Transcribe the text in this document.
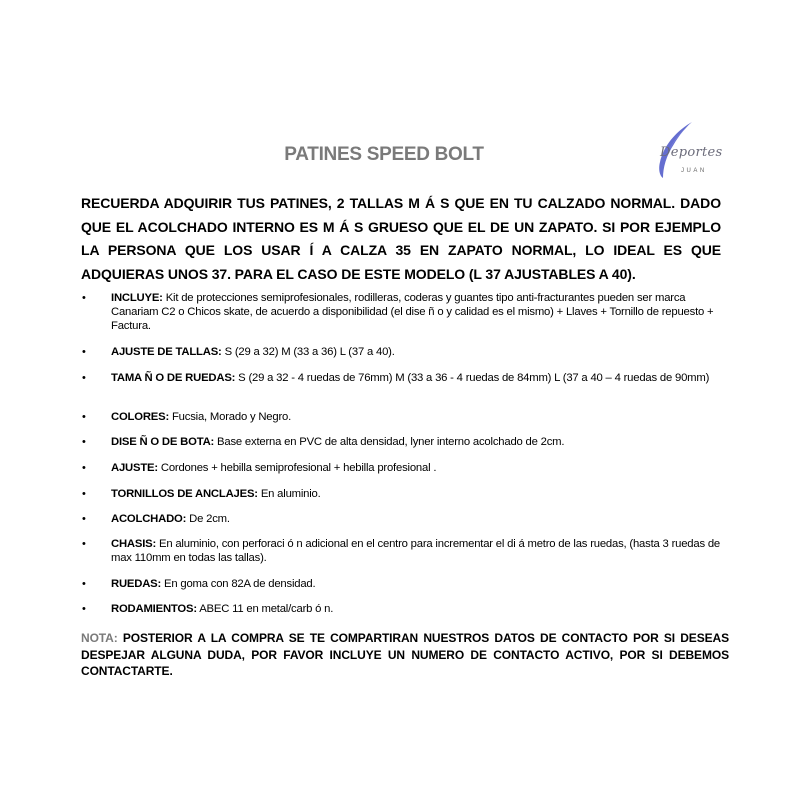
PATINES SPEED BOLT	Deportes
JUAN
RECUERDA ADQUIRIR TUS PATINES, 2 TALLAS M Á S QUE EN TU CALZADO NORMAL. DADO QUE EL ACOLCHADO INTERNO ES M Á S GRUESO QUE EL DE UN ZAPATO. SI POR EJEMPLO LA PERSONA QUE LOS USAR Í A CALZA 35 EN ZAPATO NORMAL, LO IDEAL ES QUE ADQUIERAS UNOS 37. PARA EL CASO DE ESTE MODELO (L 37 AJUSTABLES A 40).
• INCLUYE: Kit de protecciones semiprofesionales, rodilleras, coderas y guantes tipo anti-fracturantes pueden ser marca Canariam C2 o Chicos skate, de acuerdo a disponibilidad (el dise ñ o y calidad es el mismo) + Llaves + Tornillo de repuesto + Factura.
• AJUSTE DE TALLAS: S (29 a 32) M (33 a 36) L (37 a 40).
• TAMA Ñ O DE RUEDAS: S (29 a 32 - 4 ruedas de 76mm) M (33 a 36 - 4 ruedas de 84mm) L (37 a 40 – 4 ruedas de 90mm)
• COLORES: Fucsia, Morado y Negro.
• DISE Ñ O DE BOTA: Base externa en PVC de alta densidad, lyner interno acolchado de 2cm.
• AJUSTE: Cordones + hebilla semiprofesional + hebilla profesional .
• TORNILLOS DE ANCLAJES: En aluminio.
• ACOLCHADO: De 2cm.
• CHASIS: En aluminio, con perforaci ó n adicional en el centro para incrementar el di á metro de las ruedas, (hasta 3 ruedas de max 110mm en todas las tallas).
• RUEDAS: En goma con 82A de densidad.
• RODAMIENTOS: ABEC 11 en metal/carb ó n.
NOTA: POSTERIOR A LA COMPRA SE TE COMPARTIRAN NUESTROS DATOS DE CONTACTO POR SI DESEAS DESPEJAR ALGUNA DUDA, POR FAVOR INCLUYE UN NUMERO DE CONTACTO ACTIVO, POR SI DEBEMOS CONTACTARTE.
